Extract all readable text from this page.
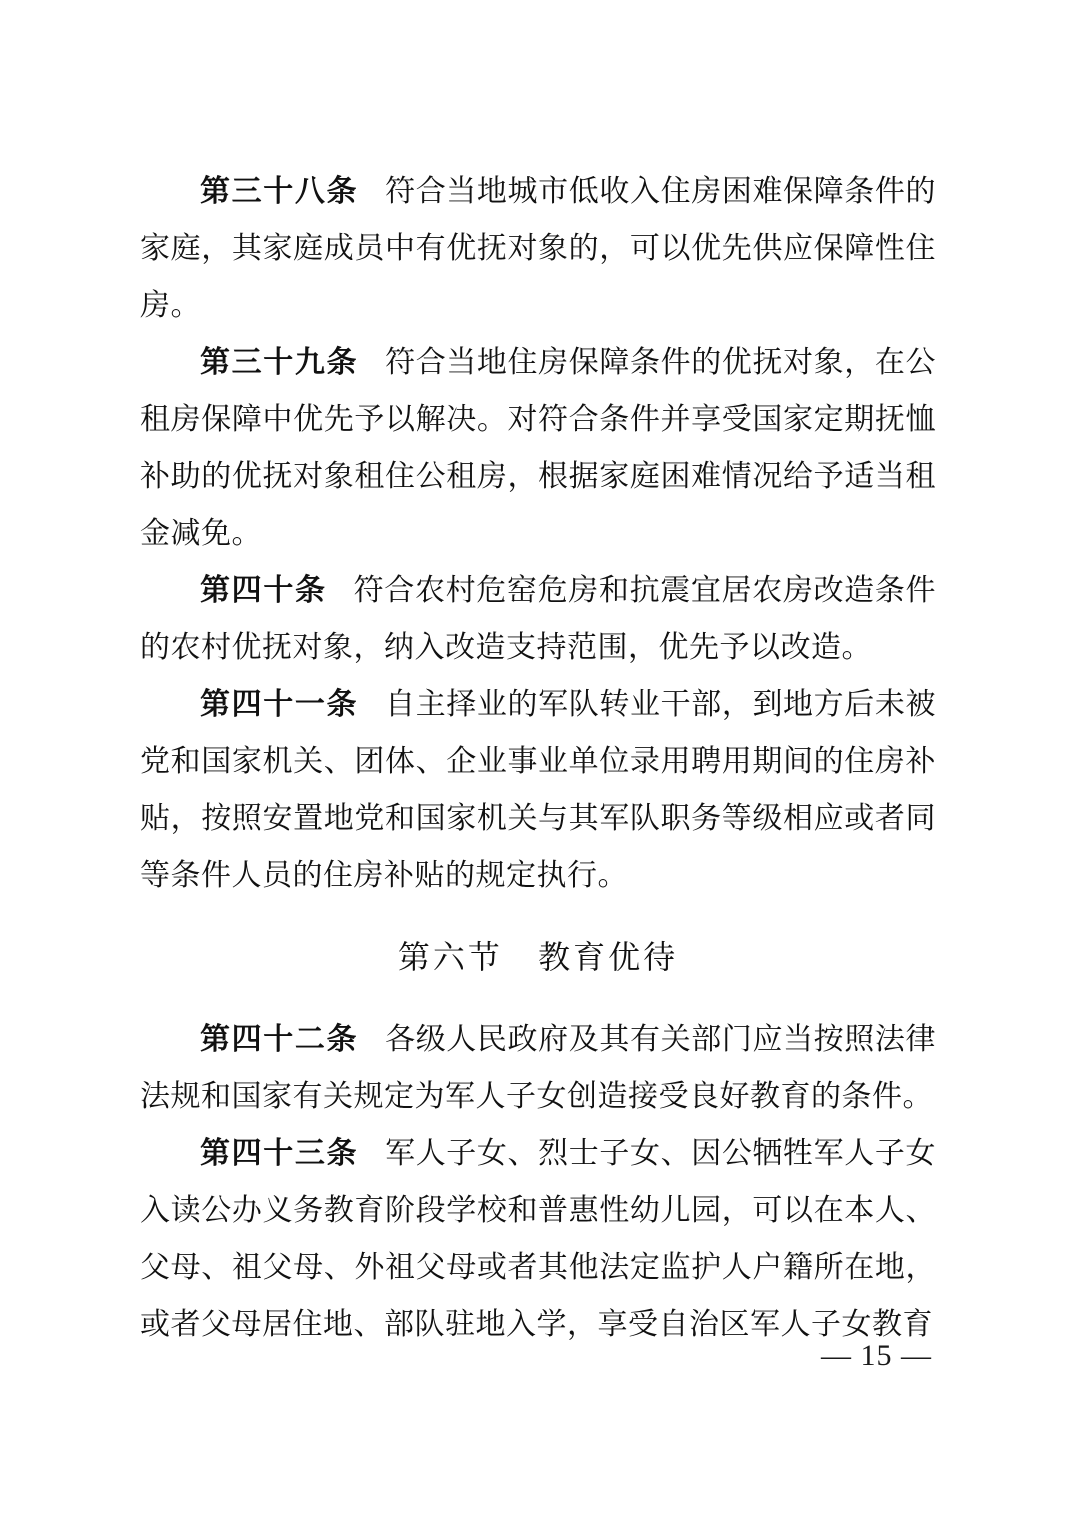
第三十八条 符合当地城市低收入住房困难保障条件的家庭，其家庭成员中有优抚对象的，可以优先供应保障性住房。

第三十九条 符合当地住房保障条件的优抚对象，在公租房保障中优先予以解决。对符合条件并享受国家定期抚恤补助的优抚对象租住公租房，根据家庭困难情况给予适当租金减免。

第四十条 符合农村危窑危房和抗震宜居农房改造条件的农村优抚对象，纳入改造支持范围，优先予以改造。

第四十一条 自主择业的军队转业干部，到地方后未被党和国家机关、团体、企业事业单位录用聘用期间的住房补贴，按照安置地党和国家机关与其军队职务等级相应或者同等条件人员的住房补贴的规定执行。

第六节 教育优待

第四十二条 各级人民政府及其有关部门应当按照法律法规和国家有关规定为军人子女创造接受良好教育的条件。

第四十三条 军人子女、烈士子女、因公牺牲军人子女入读公办义务教育阶段学校和普惠性幼儿园，可以在本人、父母、祖父母、外祖父母或者其他法定监护人户籍所在地，或者父母居住地、部队驻地入学，享受自治区军人子女教育

— 15 —
